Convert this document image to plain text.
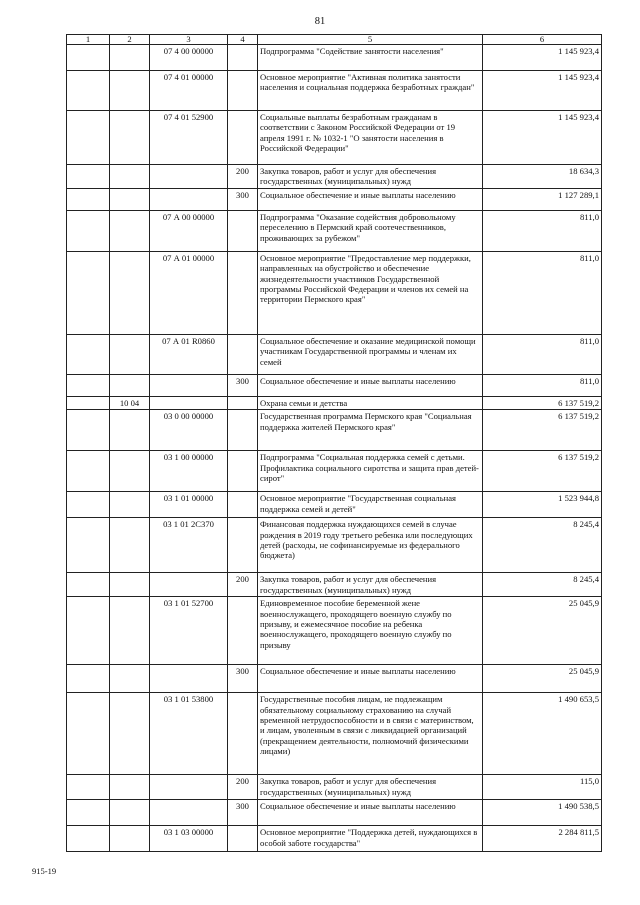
81
1	2	3	4	5	6
		07 4 00 00000		Подпрограмма "Содействие занятости населения"	1 145 923,4
		07 4 01 00000		Основное мероприятие "Активная политика занятости населения и социальная поддержка безработных граждан"	1 145 923,4
		07 4 01 52900		Социальные выплаты безработным гражданам в соответствии с Законом Российской Федерации от 19 апреля 1991 г. № 1032-1 "О занятости населения в Российской Федерации"	1 145 923,4
			200	Закупка товаров, работ и услуг для обеспечения государственных (муниципальных) нужд	18 634,3
			300	Социальное обеспечение и иные выплаты населению	1 127 289,1
		07 А 00 00000		Подпрограмма "Оказание содействия добровольному переселению в Пермский край соотечественников, проживающих за рубежом"	811,0
		07 А 01 00000		Основное мероприятие "Предоставление мер поддержки, направленных на обустройство и обеспечение жизнедеятельности участников Государственной программы Российской Федерации и членов их семей на территории Пермского края"	811,0
		07 А 01 R0860		Социальное обеспечение и оказание медицинской помощи участникам Государственной программы и членам их семей	811,0
			300	Социальное обеспечение и иные выплаты населению	811,0
	10 04			Охрана семьи и детства	6 137 519,2
		03 0 00 00000		Государственная программа Пермского края "Социальная поддержка жителей Пермского края"	6 137 519,2
		03 1 00 00000		Подпрограмма "Социальная поддержка семей с детьми. Профилактика социального сиротства и защита прав детей-сирот"	6 137 519,2
		03 1 01 00000		Основное мероприятие "Государственная социальная поддержка семей и детей"	1 523 944,8
		03 1 01 2С370		Финансовая поддержка нуждающихся семей в случае рождения в 2019 году третьего ребенка или последующих детей (расходы, не софинансируемые из федерального бюджета)	8 245,4
			200	Закупка товаров, работ и услуг для обеспечения государственных (муниципальных) нужд	8 245,4
		03 1 01 52700		Единовременное пособие беременной жене военнослужащего, проходящего военную службу по призыву, и ежемесячное пособие на ребенка военнослужащего, проходящего военную службу по призыву	25 045,9
			300	Социальное обеспечение и иные выплаты населению	25 045,9
		03 1 01 53800		Государственные пособия лицам, не подлежащим обязательному социальному страхованию на случай временной нетрудоспособности и в связи с материнством, и лицам, уволенным в связи с ликвидацией организаций (прекращением деятельности, полномочий физическими лицами)	1 490 653,5
			200	Закупка товаров, работ и услуг для обеспечения государственных (муниципальных) нужд	115,0
			300	Социальное обеспечение и иные выплаты населению	1 490 538,5
		03 1 03 00000		Основное мероприятие "Поддержка детей, нуждающихся в особой заботе государства"	2 284 811,5
915-19
